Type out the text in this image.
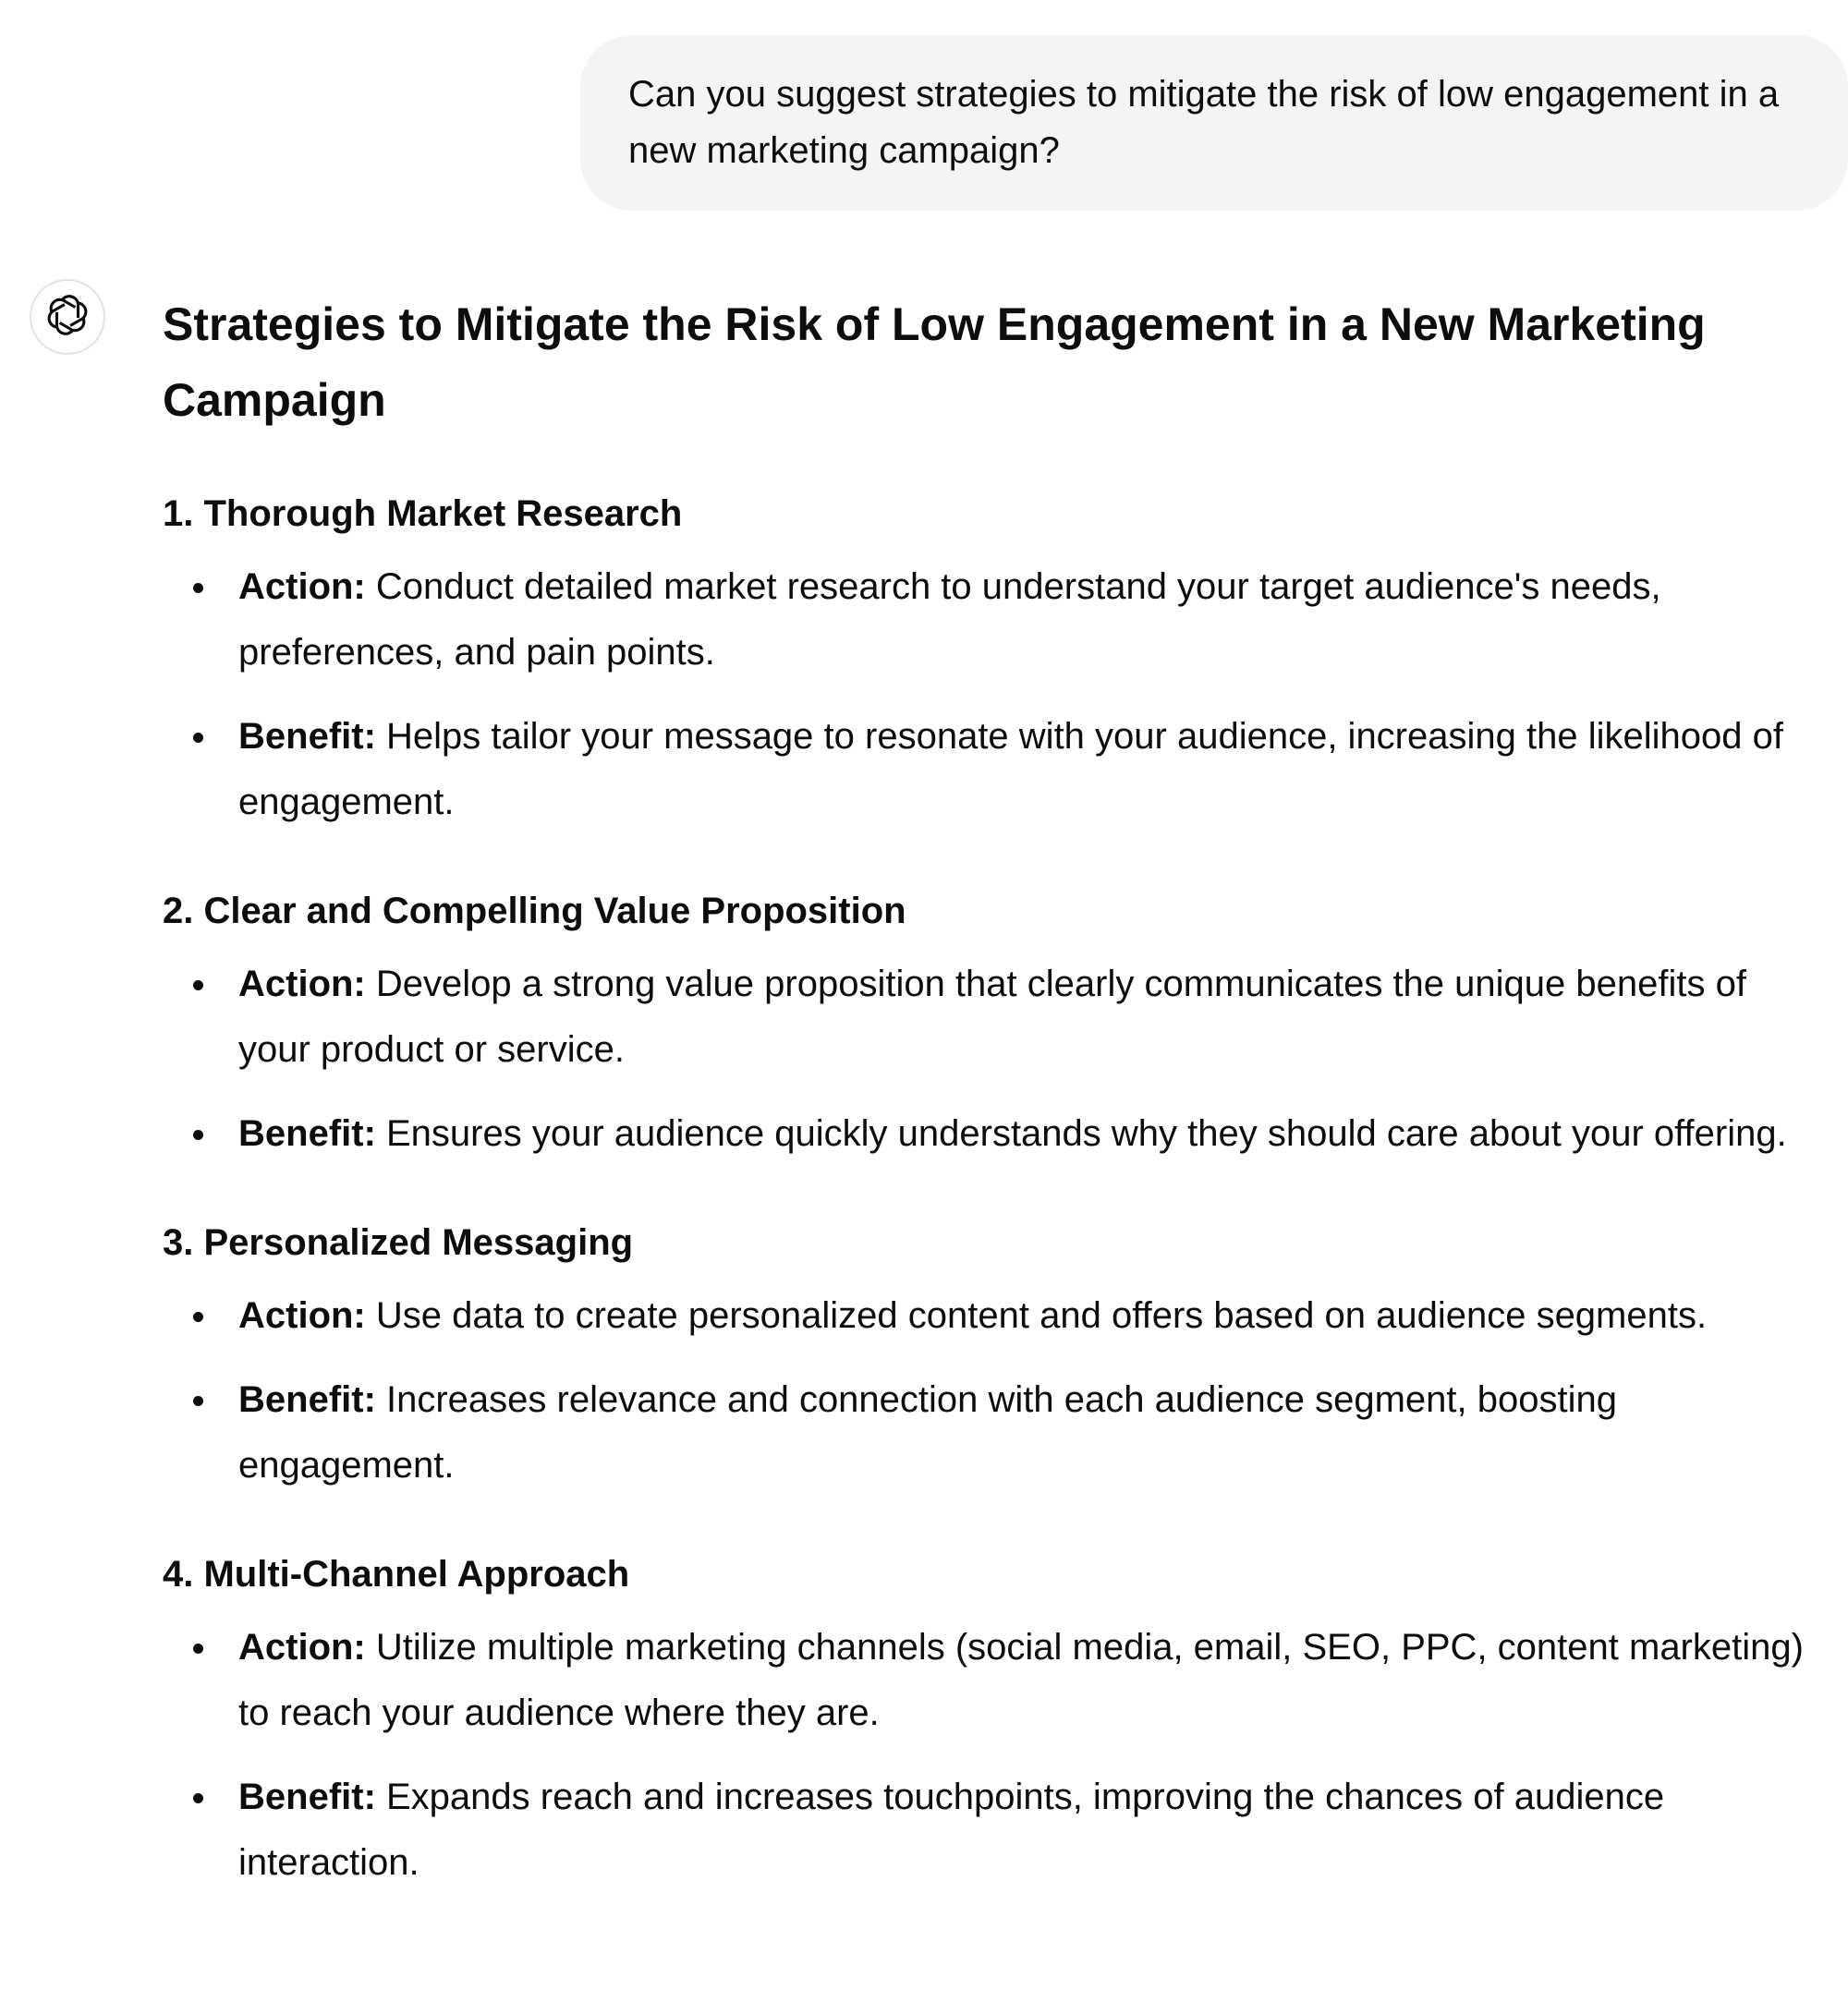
Can you suggest strategies to mitigate the risk of low engagement in a new marketing campaign?
Strategies to Mitigate the Risk of Low Engagement in a New Marketing Campaign
1. Thorough Market Research
Action: Conduct detailed market research to understand your target audience's needs, preferences, and pain points.
Benefit: Helps tailor your message to resonate with your audience, increasing the likelihood of engagement.
2. Clear and Compelling Value Proposition
Action: Develop a strong value proposition that clearly communicates the unique benefits of your product or service.
Benefit: Ensures your audience quickly understands why they should care about your offering.
3. Personalized Messaging
Action: Use data to create personalized content and offers based on audience segments.
Benefit: Increases relevance and connection with each audience segment, boosting engagement.
4. Multi-Channel Approach
Action: Utilize multiple marketing channels (social media, email, SEO, PPC, content marketing) to reach your audience where they are.
Benefit: Expands reach and increases touchpoints, improving the chances of audience interaction.
